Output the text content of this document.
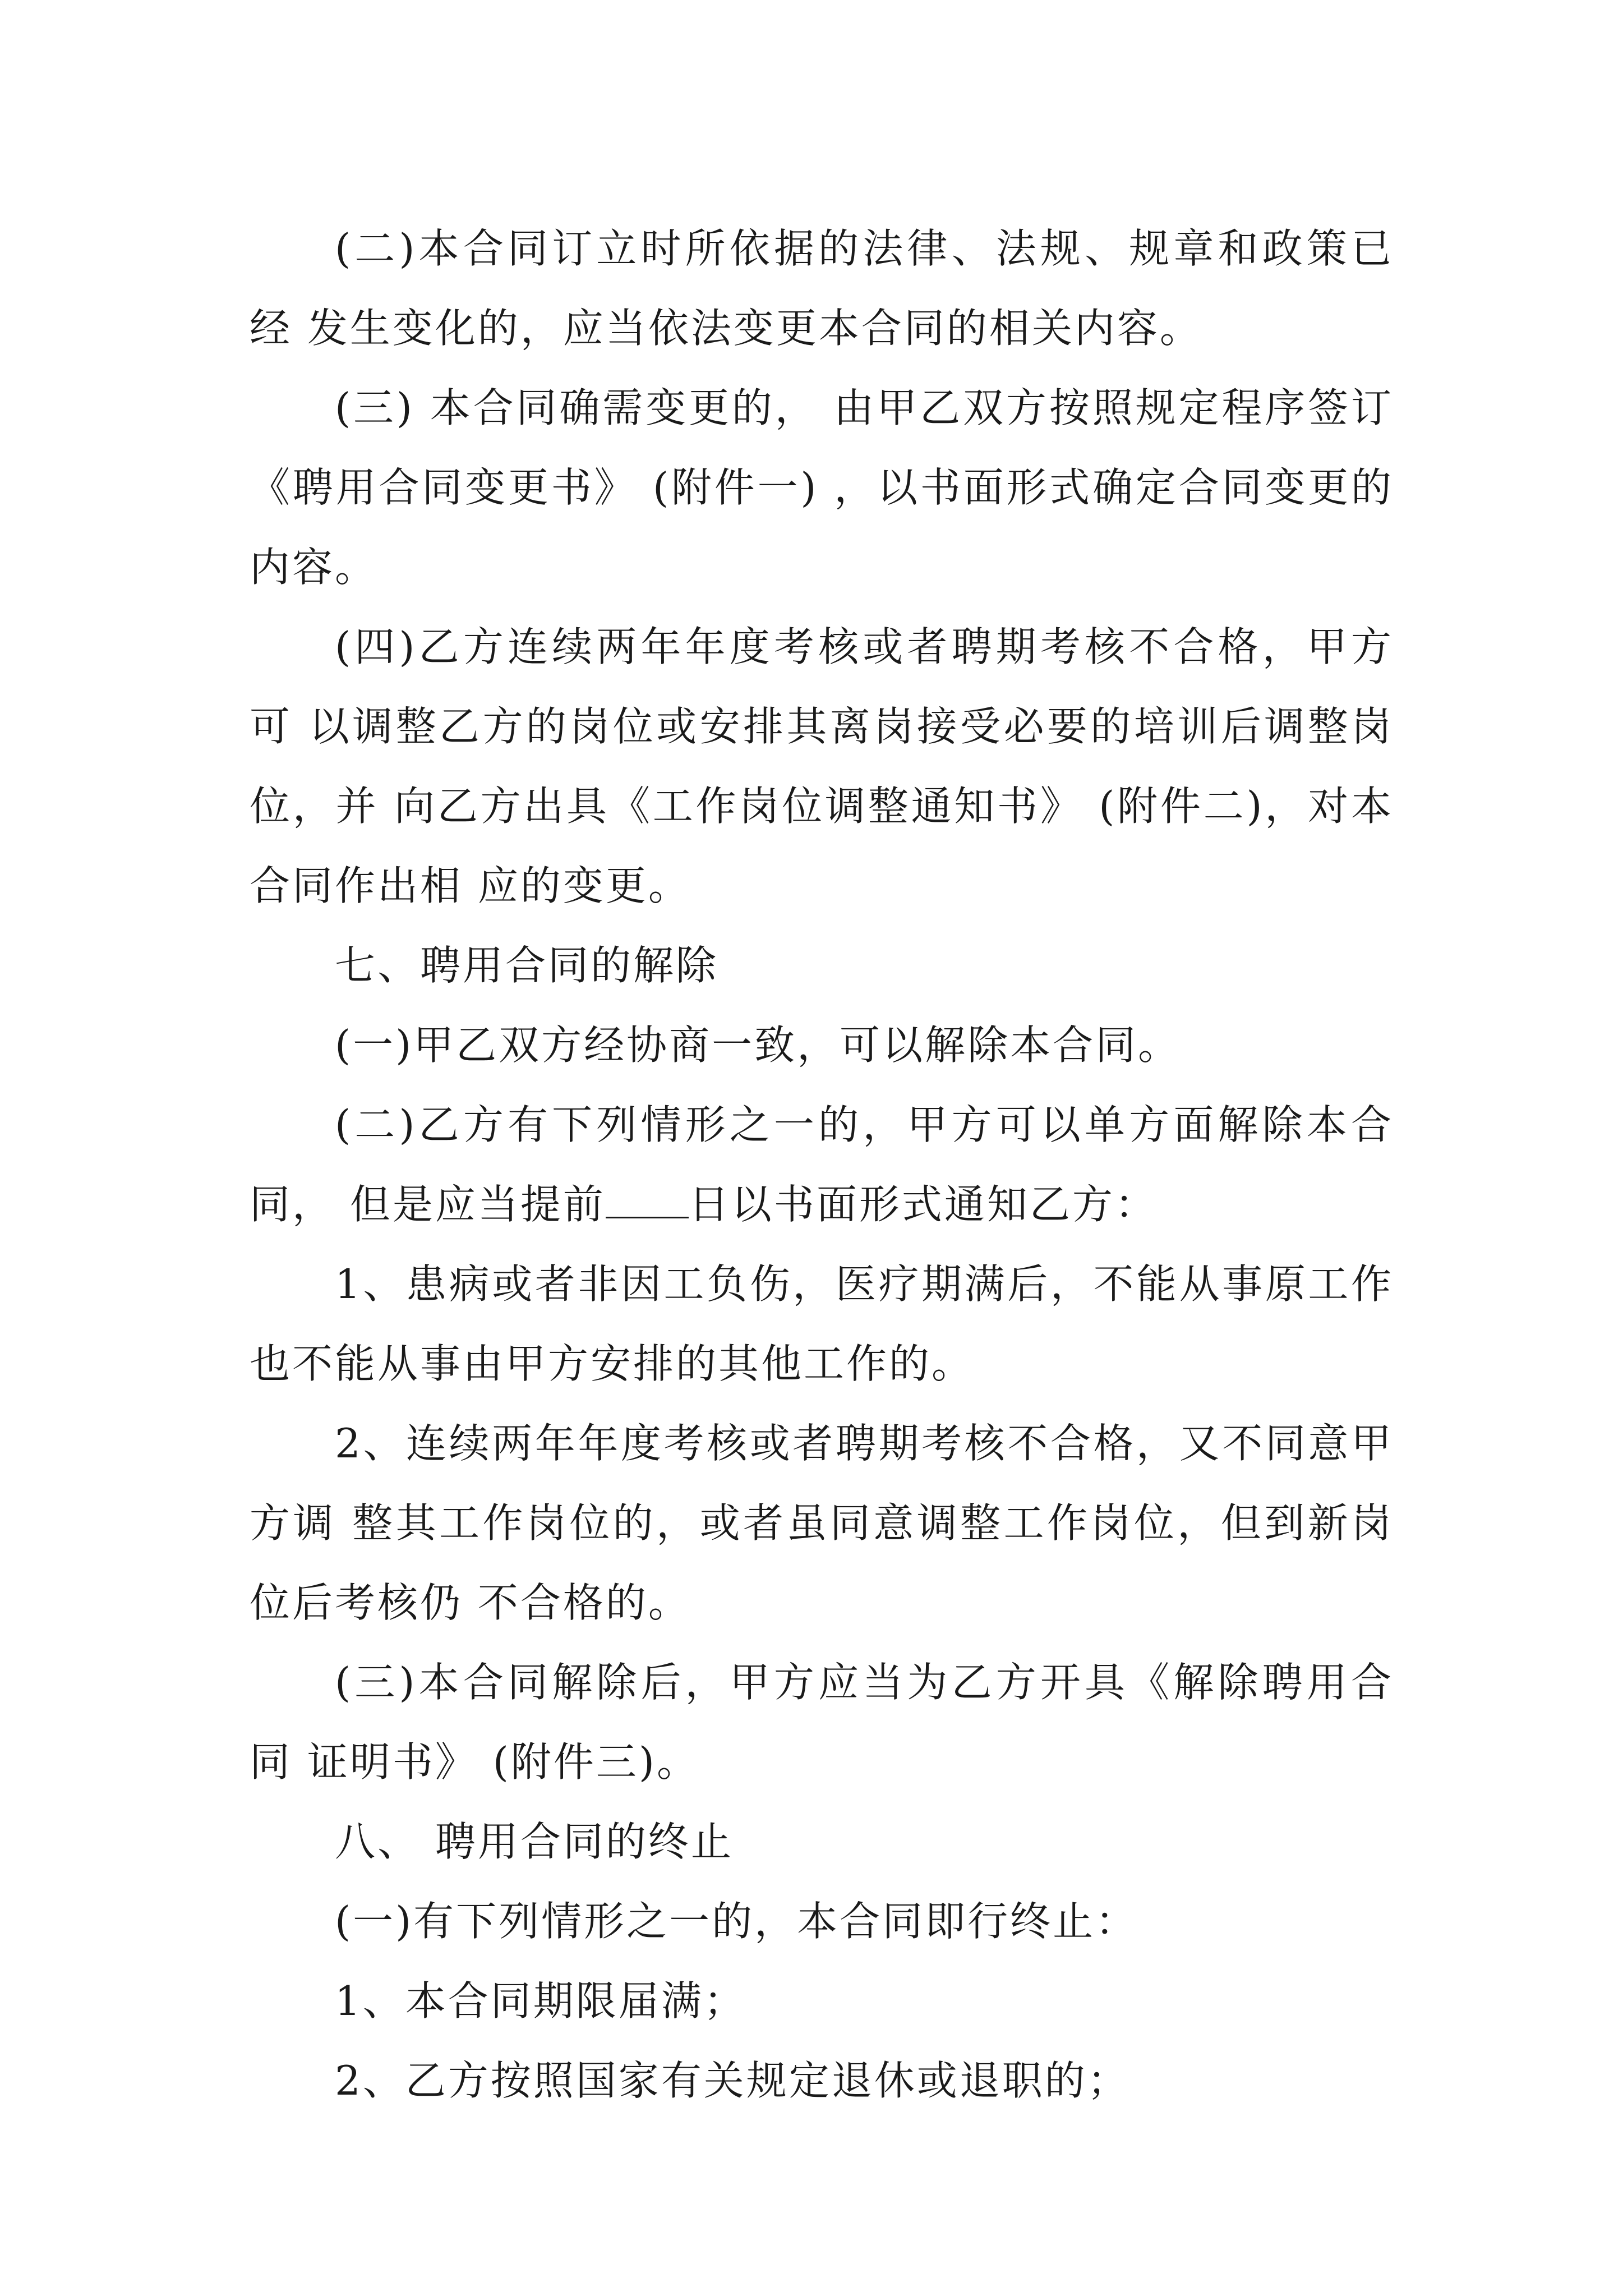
(二)本合同订立时所依据的法律、法规、规章和政策已经 发生变化的，应当依法变更本合同的相关内容。

(三) 本合同确需变更的， 由甲乙双方按照规定程序签订 《聘用合同变更书》 (附件一) ，以书面形式确定合同变更的内容。

(四)乙方连续两年年度考核或者聘期考核不合格，甲方可 以调整乙方的岗位或安排其离岗接受必要的培训后调整岗位，并 向乙方出具《工作岗位调整通知书》 (附件二)，对本合同作出相 应的变更。

七、聘用合同的解除

(一)甲乙双方经协商一致，可以解除本合同。

(二)乙方有下列情形之一的，甲方可以单方面解除本合同， 但是应当提前 日以书面形式通知乙方：

1、患病或者非因工负伤，医疗期满后，不能从事原工作也不能从事由甲方安排的其他工作的。

2、连续两年年度考核或者聘期考核不合格，又不同意甲方调 整其工作岗位的，或者虽同意调整工作岗位，但到新岗位后考核仍 不合格的。

(三)本合同解除后，甲方应当为乙方开具《解除聘用合同 证明书》 (附件三)。

八、 聘用合同的终止

(一)有下列情形之一的，本合同即行终止：

1、本合同期限届满；

2、乙方按照国家有关规定退休或退职的；
